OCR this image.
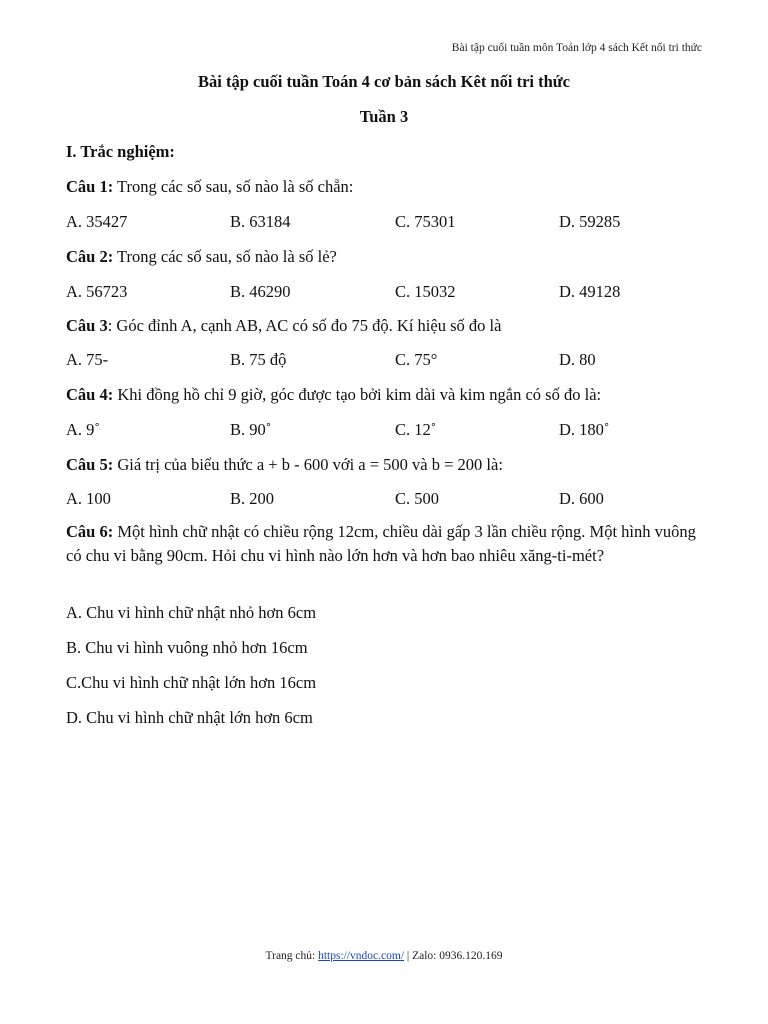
Bài tập cuối tuần môn Toán lớp 4 sách Kết nối tri thức
Bài tập cuối tuần Toán 4 cơ bản sách Kêt nối tri thức
Tuần 3
I. Trắc nghiệm:
Câu 1: Trong các số sau, số nào là số chẵn:
A. 35427	B. 63184	C. 75301	D. 59285
Câu 2: Trong các số sau, số nào là số lẻ?
A. 56723	B. 46290	C. 15032	D. 49128
Câu 3: Góc đỉnh A, cạnh AB, AC có số đo 75 độ. Kí hiệu số đo là
A. 75-	B. 75 độ	C. 75°	D. 80
Câu 4: Khi đồng hồ chỉ 9 giờ, góc được tạo bởi kim dài và kim ngắn có số đo là:
A. 9˚	B. 90˚	C. 12˚	D. 180˚
Câu 5: Giá trị của biểu thức a + b - 600 với a = 500 và b = 200 là:
A. 100	B. 200	C. 500	D. 600
Câu 6: Một hình chữ nhật có chiều rộng 12cm, chiều dài gấp 3 lần chiều rộng. Một hình vuông có chu vi bằng 90cm. Hỏi chu vi hình nào lớn hơn và hơn bao nhiêu xăng-ti-mét?
A. Chu vi hình chữ nhật nhỏ hơn 6cm
B. Chu vi hình vuông nhỏ hơn 16cm
C.Chu vi hình chữ nhật lớn hơn 16cm
D. Chu vi hình chữ nhật lớn hơn 6cm
Trang chủ: https://vndoc.com/ | Zalo: 0936.120.169
